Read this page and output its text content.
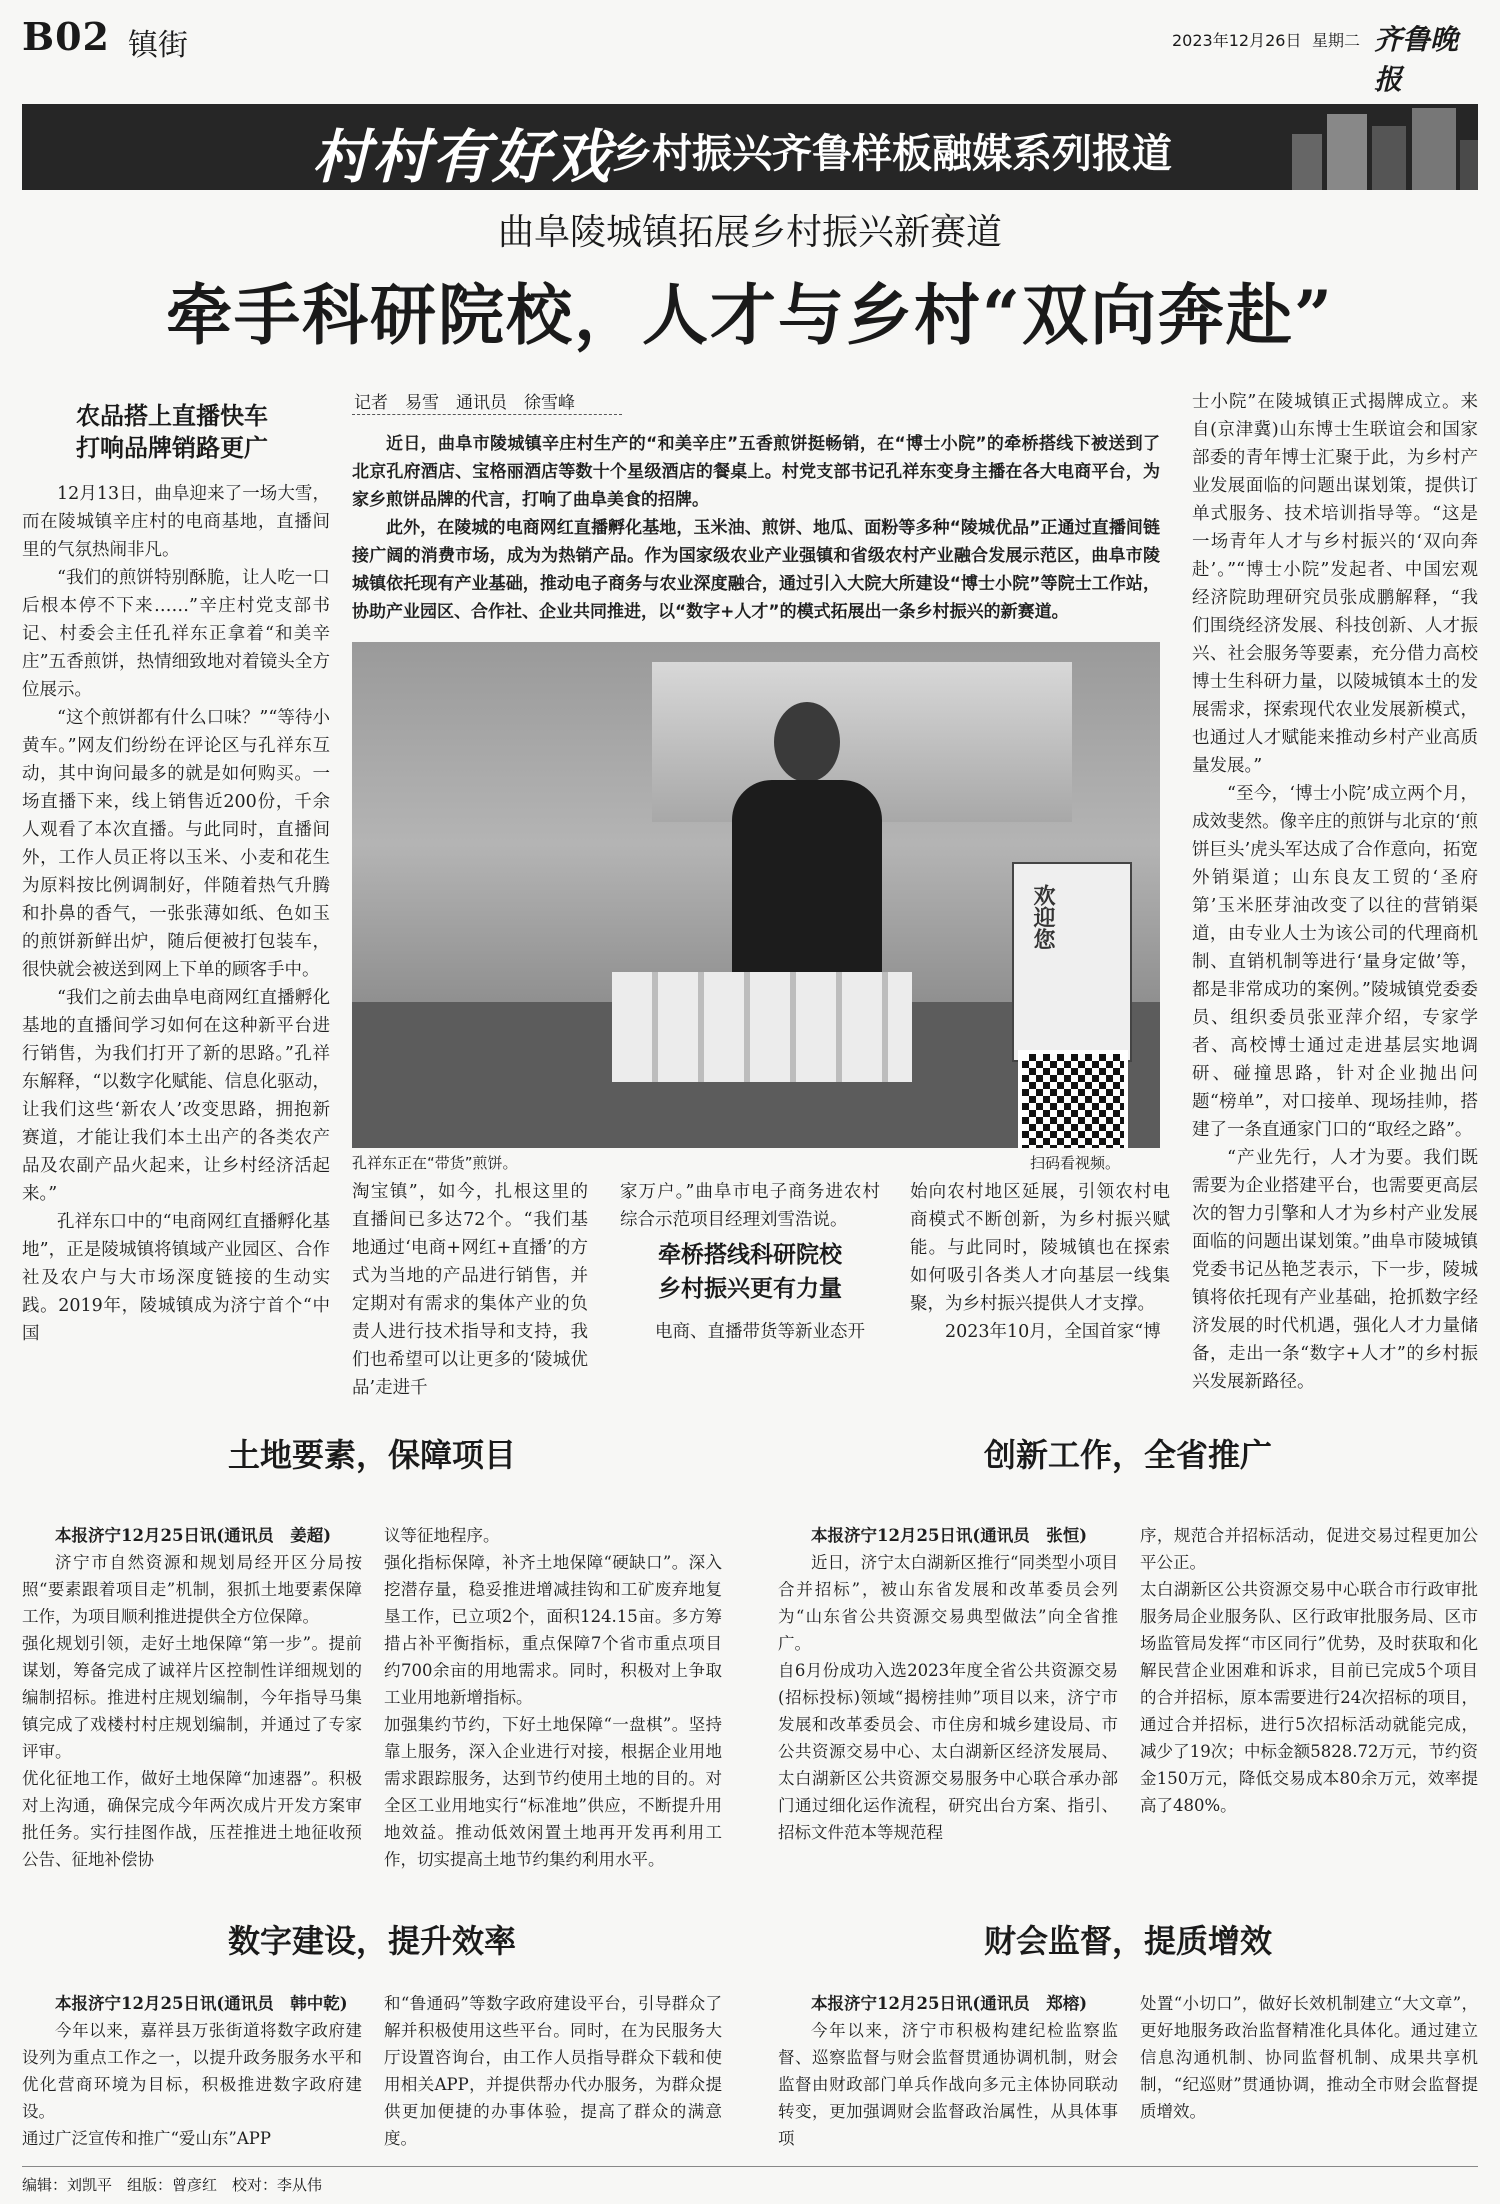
B02 镇街	2023年12月26日 星期二 齐鲁晚报
村村有好戏 乡村振兴齐鲁样板融媒系列报道
曲阜陵城镇拓展乡村振兴新赛道
牵手科研院校，人才与乡村“双向奔赴”
农品搭上直播快车
打响品牌销路更广

12月13日，曲阜迎来了一场大雪，而在陵城镇辛庄村的电商基地，直播间里的气氛热闹非凡。

“我们的煎饼特别酥脆，让人吃一口后根本停不下来……”辛庄村党支部书记、村委会主任孔祥东正拿着“和美辛庄”五香煎饼，热情细致地对着镜头全方位展示。

“这个煎饼都有什么口味？”“等待小黄车。”网友们纷纷在评论区与孔祥东互动，其中询问最多的就是如何购买。一场直播下来，线上销售近200份，千余人观看了本次直播。与此同时，直播间外，工作人员正将以玉米、小麦和花生为原料按比例调制好，伴随着热气升腾和扑鼻的香气，一张张薄如纸、色如玉的煎饼新鲜出炉，随后便被打包装车，很快就会被送到网上下单的顾客手中。

“我们之前去曲阜电商网红直播孵化基地的直播间学习如何在这种新平台进行销售，为我们打开了新的思路。”孔祥东解释，“以数字化赋能、信息化驱动，让我们这些‘新农人’改变思路，拥抱新赛道，才能让我们本土出产的各类农产品及农副产品火起来，让乡村经济活起来。”

孔祥东口中的“电商网红直播孵化基地”，正是陵城镇将镇域产业园区、合作社及农户与大市场深度链接的生动实践。2019年，陵城镇成为济宁首个“中国

记者　易雪　通讯员　徐雪峰

近日，曲阜市陵城镇辛庄村生产的“和美辛庄”五香煎饼挺畅销，在“博士小院”的牵桥搭线下被送到了北京孔府酒店、宝格丽酒店等数十个星级酒店的餐桌上。村党支部书记孔祥东变身主播在各大电商平台，为家乡煎饼品牌的代言，打响了曲阜美食的招牌。

此外，在陵城的电商网红直播孵化基地，玉米油、煎饼、地瓜、面粉等多种“陵城优品”正通过直播间链接广阔的消费市场，成为为热销产品。作为国家级农业产业强镇和省级农村产业融合发展示范区，曲阜市陵城镇依托现有产业基础，推动电子商务与农业深度融合，通过引入大院大所建设“博士小院”等院士工作站，协助产业园区、合作社、企业共同推进，以“数字+人才”的模式拓展出一条乡村振兴的新赛道。

欢迎您
孔祥东正在“带货”煎饼。	扫码看视频。

淘宝镇”，如今，扎根这里的直播间已多达72个。“我们基地通过‘电商+网红+直播’的方式为当地的产品进行销售，并定期对有需求的集体产业的负责人进行技术指导和支持，我们也希望可以让更多的‘陵城优品’走进千

家万户。”曲阜市电子商务进农村综合示范项目经理刘雪浩说。

牵桥搭线科研院校
乡村振兴更有力量

电商、直播带货等新业态开

始向农村地区延展，引领农村电商模式不断创新，为乡村振兴赋能。与此同时，陵城镇也在探索如何吸引各类人才向基层一线集聚，为乡村振兴提供人才支撑。

2023年10月，全国首家“博

士小院”在陵城镇正式揭牌成立。来自(京津冀)山东博士生联谊会和国家部委的青年博士汇聚于此，为乡村产业发展面临的问题出谋划策，提供订单式服务、技术培训指导等。“这是一场青年人才与乡村振兴的‘双向奔赴’。”“博士小院”发起者、中国宏观经济院助理研究员张成鹏解释，“我们围绕经济发展、科技创新、人才振兴、社会服务等要素，充分借力高校博士生科研力量，以陵城镇本土的发展需求，探索现代农业发展新模式，也通过人才赋能来推动乡村产业高质量发展。”

“至今，‘博士小院’成立两个月，成效斐然。像辛庄的煎饼与北京的‘煎饼巨头’虎头军达成了合作意向，拓宽外销渠道；山东良友工贸的‘圣府第’玉米胚芽油改变了以往的营销渠道，由专业人士为该公司的代理商机制、直销机制等进行‘量身定做’等，都是非常成功的案例。”陵城镇党委委员、组织委员张亚萍介绍，专家学者、高校博士通过走进基层实地调研、碰撞思路，针对企业抛出问题“榜单”，对口接单、现场挂帅，搭建了一条直通家门口的“取经之路”。

“产业先行，人才为要。我们既需要为企业搭建平台，也需要更高层次的智力引擎和人才为乡村产业发展面临的问题出谋划策。”曲阜市陵城镇党委书记丛艳芝表示，下一步，陵城镇将依托现有产业基础，抢抓数字经济发展的时代机遇，强化人才力量储备，走出一条“数字+人才”的乡村振兴发展新路径。

土地要素，保障项目

本报济宁12月25日讯(通讯员　姜超)

济宁市自然资源和规划局经开区分局按照“要素跟着项目走”机制，狠抓土地要素保障工作，为项目顺利推进提供全方位保障。
强化规划引领，走好土地保障“第一步”。提前谋划，筹备完成了诚祥片区控制性详细规划的编制招标。推进村庄规划编制，今年指导马集镇完成了戏楼村村庄规划编制，并通过了专家评审。
优化征地工作，做好土地保障“加速器”。积极对上沟通，确保完成今年两次成片开发方案审批任务。实行挂图作战，压茬推进土地征收预公告、征地补偿协

议等征地程序。
强化指标保障，补齐土地保障“硬缺口”。深入挖潜存量，稳妥推进增减挂钩和工矿废弃地复垦工作，已立项2个，面积124.15亩。多方筹措占补平衡指标，重点保障7个省市重点项目约700余亩的用地需求。同时，积极对上争取工业用地新增指标。
加强集约节约，下好土地保障“一盘棋”。坚持靠上服务，深入企业进行对接，根据企业用地需求跟踪服务，达到节约使用土地的目的。对全区工业用地实行“标准地”供应，不断提升用地效益。推动低效闲置土地再开发再利用工作，切实提高土地节约集约利用水平。

创新工作，全省推广

本报济宁12月25日讯(通讯员　张恒)

近日，济宁太白湖新区推行“同类型小项目合并招标”，被山东省发展和改革委员会列为“山东省公共资源交易典型做法”向全省推广。
自6月份成功入选2023年度全省公共资源交易(招标投标)领域“揭榜挂帅”项目以来，济宁市发展和改革委员会、市住房和城乡建设局、市公共资源交易中心、太白湖新区经济发展局、太白湖新区公共资源交易服务中心联合承办部门通过细化运作流程，研究出台方案、指引、招标文件范本等规范程

序，规范合并招标活动，促进交易过程更加公平公正。
太白湖新区公共资源交易中心联合市行政审批服务局企业服务队、区行政审批服务局、区市场监管局发挥“市区同行”优势，及时获取和化解民营企业困难和诉求，目前已完成5个项目的合并招标，原本需要进行24次招标的项目，通过合并招标，进行5次招标活动就能完成，减少了19次；中标金额5828.72万元，节约资金150万元，降低交易成本80余万元，效率提高了480%。

数字建设，提升效率

本报济宁12月25日讯(通讯员　韩中乾)

今年以来，嘉祥县万张街道将数字政府建设列为重点工作之一，以提升政务服务水平和优化营商环境为目标，积极推进数字政府建设。
通过广泛宣传和推广“爱山东”APP

和“鲁通码”等数字政府建设平台，引导群众了解并积极使用这些平台。同时，在为民服务大厅设置咨询台，由工作人员指导群众下载和使用相关APP，并提供帮办代办服务，为群众提供更加便捷的办事体验，提高了群众的满意度。

财会监督，提质增效

本报济宁12月25日讯(通讯员　郑榕)

今年以来，济宁市积极构建纪检监察监督、巡察监督与财会监督贯通协调机制，财会监督由财政部门单兵作战向多元主体协同联动转变，更加强调财会监督政治属性，从具体事项

处置“小切口”，做好长效机制建立“大文章”，更好地服务政治监督精准化具体化。通过建立信息沟通机制、协同监督机制、成果共享机制，“纪巡财”贯通协调，推动全市财会监督提质增效。

编辑：刘凯平　组版：曾彦红　校对：李从伟
